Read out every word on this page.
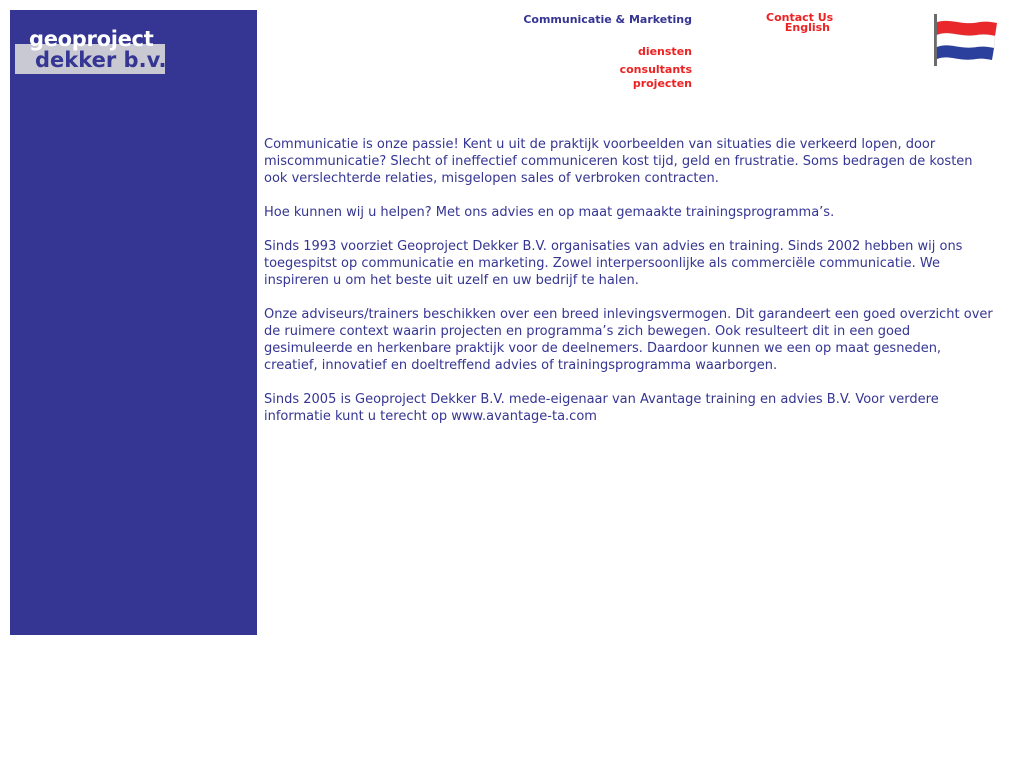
geoproject
dekker b.v.
Communicatie & Marketing
diensten
consultants
projecten
Contact Us
English

Communicatie is onze passie! Kent u uit de praktijk voorbeelden van situaties die verkeerd lopen, door miscommunicatie? Slecht of ineffectief communiceren kost tijd, geld en frustratie. Soms bedragen de kosten ook verslechterde relaties, misgelopen sales of verbroken contracten.

Hoe kunnen wij u helpen? Met ons advies en op maat gemaakte trainingsprogramma’s.

Sinds 1993 voorziet Geoproject Dekker B.V. organisaties van advies en training. Sinds 2002 hebben wij ons toegespitst op communicatie en marketing. Zowel interpersoonlijke als commerciële communicatie. We inspireren u om het beste uit uzelf en uw bedrijf te halen.

Onze adviseurs/trainers beschikken over een breed inlevingsvermogen. Dit garandeert een goed overzicht over de ruimere context waarin projecten en programma’s zich bewegen. Ook resulteert dit in een goed gesimuleerde en herkenbare praktijk voor de deelnemers. Daardoor kunnen we een op maat gesneden, creatief, innovatief en doeltreffend advies of trainingsprogramma waarborgen.

Sinds 2005 is Geoproject Dekker B.V. mede-eigenaar van Avantage training en advies B.V. Voor verdere informatie kunt u terecht op www.avantage-ta.com
